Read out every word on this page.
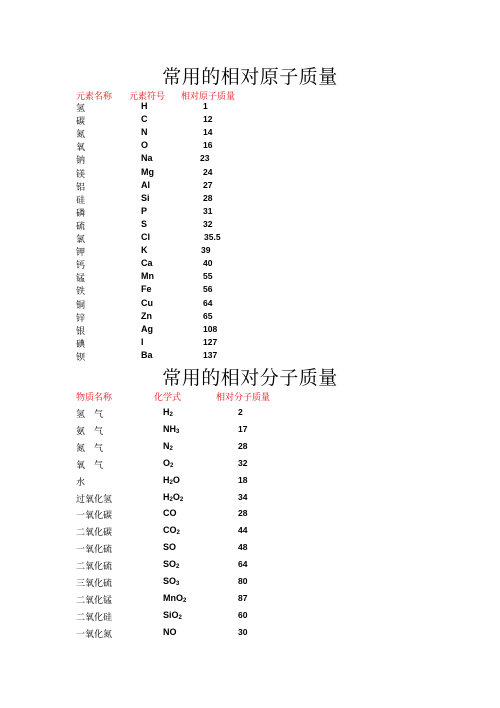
常用的相对原子质量
元素名称 元素符号 相对原子质量
氢	H	1
碳	C	12
氮	N	14
氧	O	16
钠	Na	23
镁	Mg	24
铝	Al	27
硅	Si	28
磷	P	31
硫	S	32
氯	Cl	35.5
钾	K	39
钙	Ca	40
锰	Mn	55
铁	Fe	56
铜	Cu	64
锌	Zn	65
银	Ag	108
碘	I	127
钡	Ba	137
常用的相对分子质量
物质名称	化学式	相对分子质量
氢　气	$H_2$	2
氨　气	$NH_3$	17
氮　气	$N_2$	28
氧　气	$O_2$	32
水	$H_2O$	18
过氧化氢	$H_2O_2$	34
一氧化碳	CO	28
二氧化碳	$CO_2$	44
一氧化硫	SO	48
二氧化硫	$SO_2$	64
三氧化硫	$SO_3$	80
二氧化锰	MnO$_2$	87
二氧化硅	SiO$_2$	60
一氧化氮	NO	30
